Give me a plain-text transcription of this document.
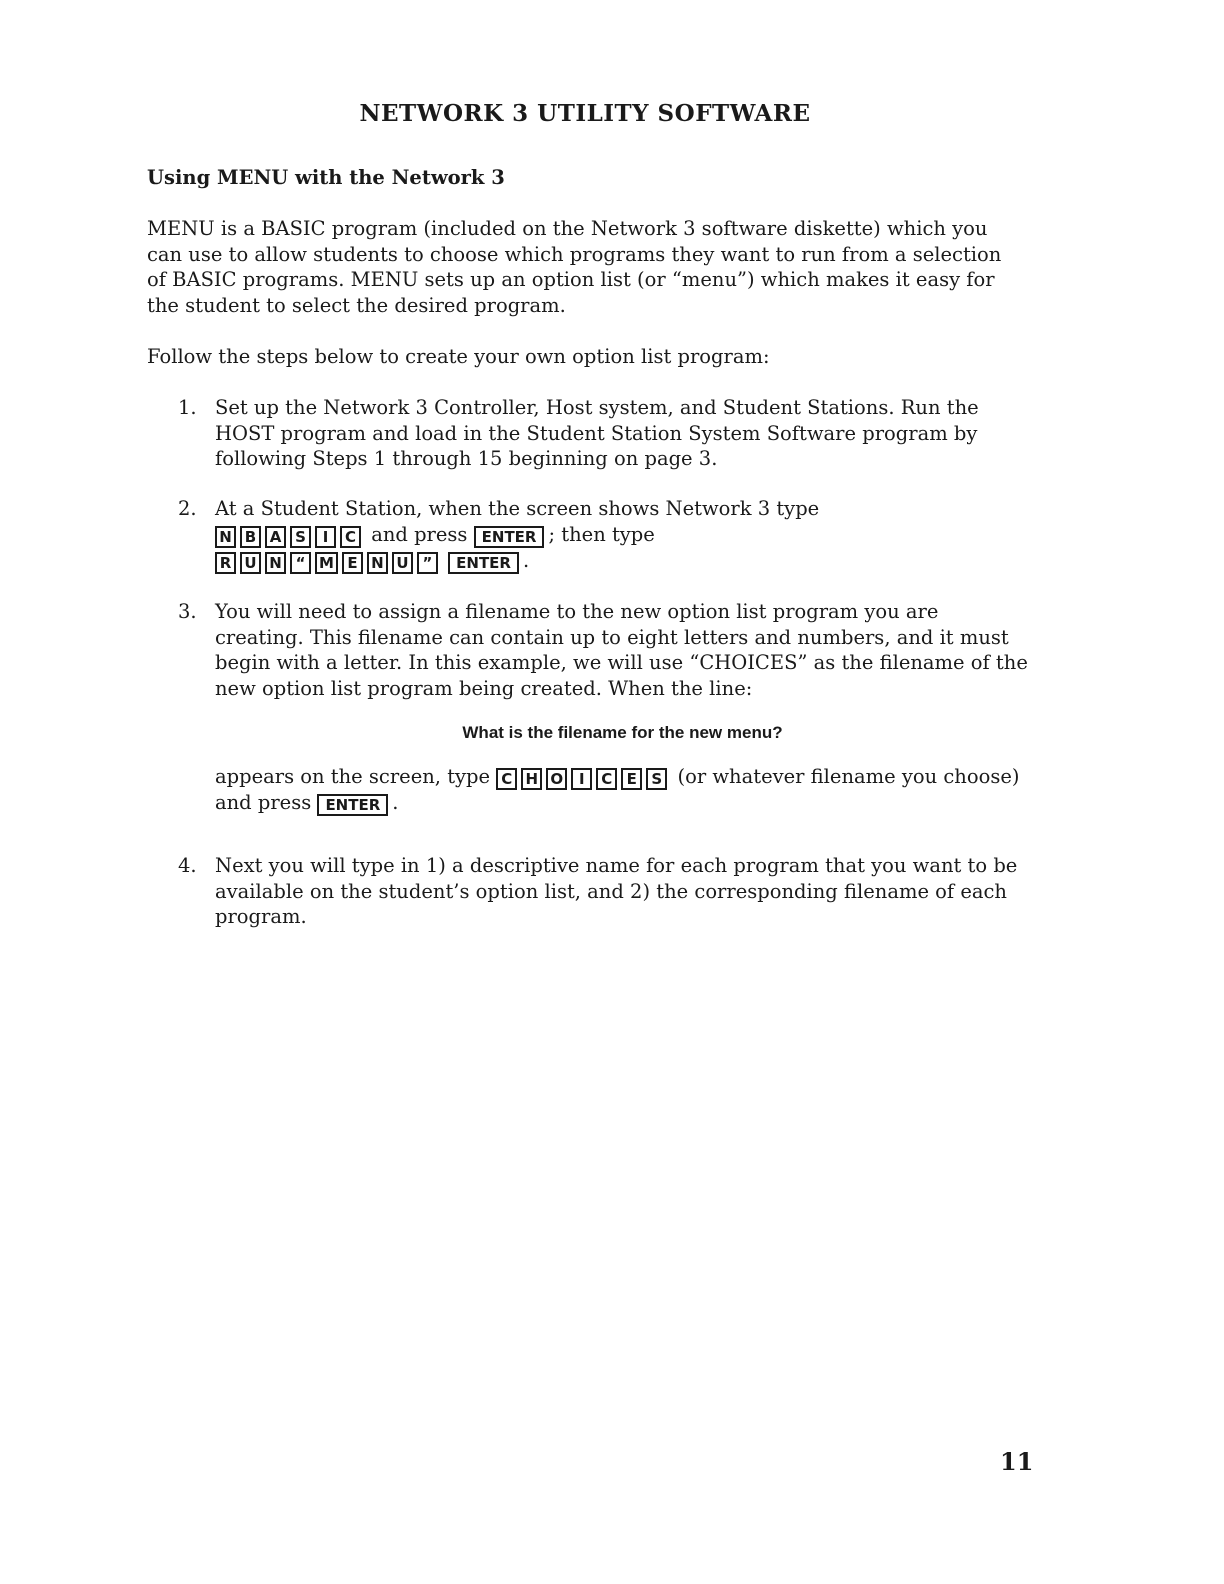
NETWORK 3 UTILITY SOFTWARE
Using MENU with the Network 3

MENU is a BASIC program (included on the Network 3 software diskette) which you can use to allow students to choose which programs they want to run from a selection of BASIC programs. MENU sets up an option list (or “menu”) which makes it easy for the student to select the desired program.

Follow the steps below to create your own option list program:

1. Set up the Network 3 Controller, Host system, and Student Stations. Run the HOST program and load in the Student Station System Software program by following Steps 1 through 15 beginning on page 3.

2. At a Student Station, when the screen shows Network 3 type

N B A S I C and press ENTER ; then type

R U N “ M E N U ” ENTER .

3. You will need to assign a filename to the new option list program you are creating. This filename can contain up to eight letters and numbers, and it must begin with a letter. In this example, we will use “CHOICES” as the filename of the new option list program being created. When the line:

What is the filename for the new menu?

appears on the screen, type C H O I C E S (or whatever filename you choose) and press ENTER .

4. Next you will type in 1) a descriptive name for each program that you want to be available on the student’s option list, and 2) the corresponding filename of each program.

11
